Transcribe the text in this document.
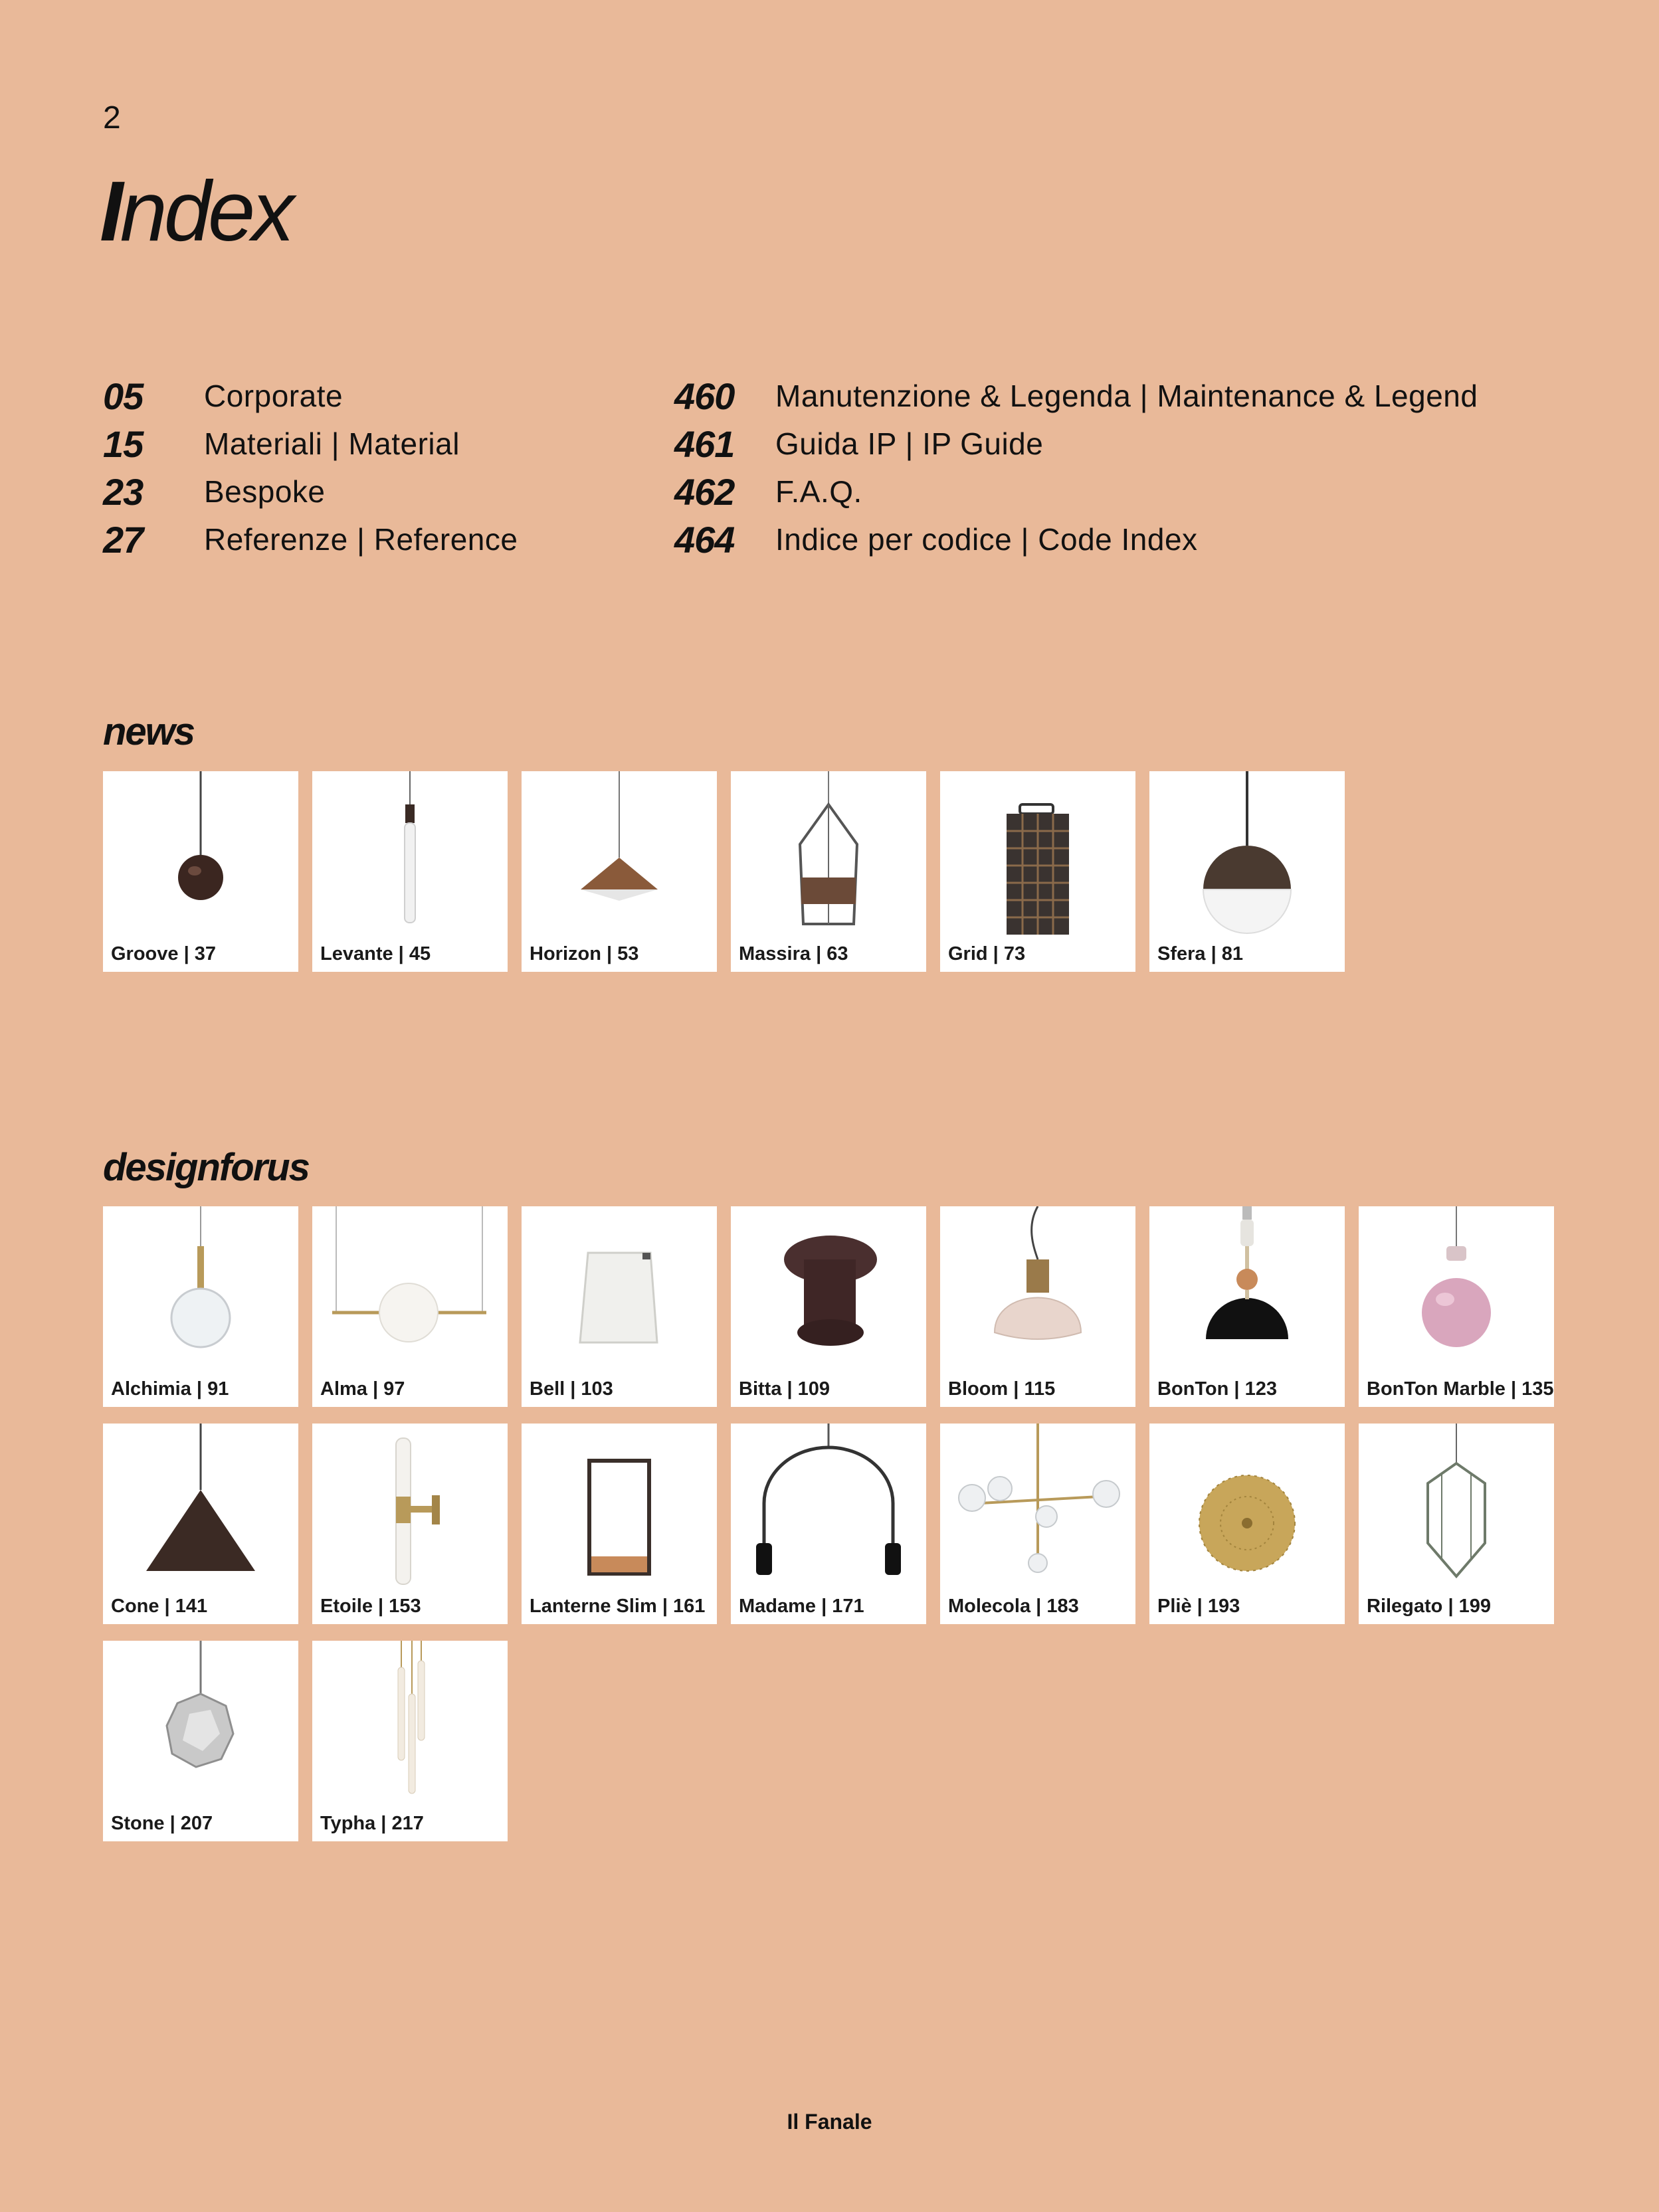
2
Index
05	Corporate
15	Materiali | Material
23	Bespoke
27	Referenze | Reference
460	Manutenzione & Legenda | Maintenance & Legend
461	Guida IP | IP Guide
462	F.A.Q.
464	Indice per codice | Code Index
news
Groove | 37	Levante | 45	Horizon | 53	Massira | 63	Grid | 73	Sfera | 81
designforus
Alchimia | 91	Alma | 97	Bell | 103	Bitta | 109	Bloom | 115	BonTon | 123	BonTon Marble | 135
Cone | 141	Etoile | 153	Lanterne Slim | 161 Madame | 171	Molecola | 183	Pliè | 193	Rilegato | 199
Stone | 207	Typha | 217
Il Fanale
